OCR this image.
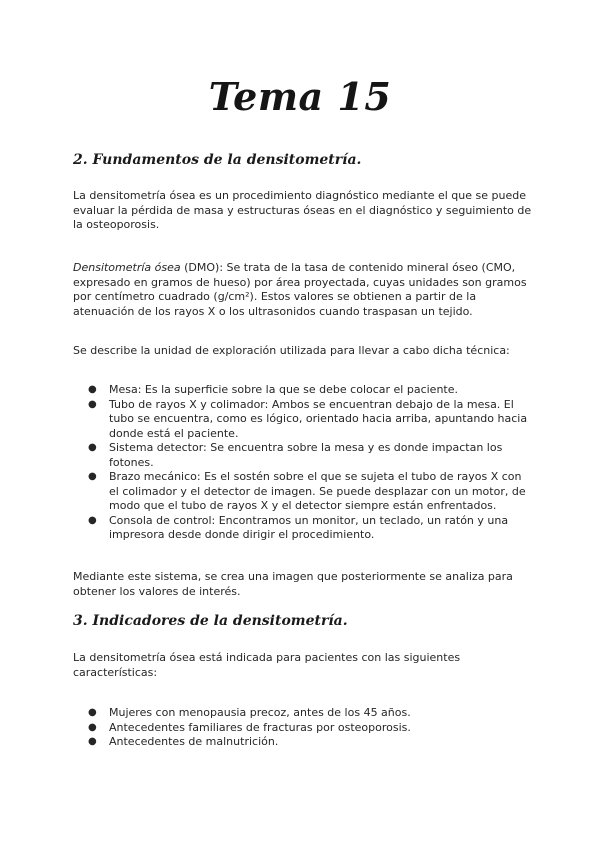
Tema 15
2. Fundamentos de la densitometría.

La densitometría ósea es un procedimiento diagnóstico mediante el que se puede evaluar la pérdida de masa y estructuras óseas en el diagnóstico y seguimiento de la osteoporosis.

Densitometría ósea (DMO): Se trata de la tasa de contenido mineral óseo (CMO, expresado en gramos de hueso) por área proyectada, cuyas unidades son gramos por centímetro cuadrado (g/cm²). Estos valores se obtienen a partir de la atenuación de los rayos X o los ultrasonidos cuando traspasan un tejido.

Se describe la unidad de exploración utilizada para llevar a cabo dicha técnica:

● Mesa: Es la superficie sobre la que se debe colocar el paciente.
● Tubo de rayos X y colimador: Ambos se encuentran debajo de la mesa. El tubo se encuentra, como es lógico, orientado hacia arriba, apuntando hacia donde está el paciente.
● Sistema detector: Se encuentra sobre la mesa y es donde impactan los fotones.
● Brazo mecánico: Es el sostén sobre el que se sujeta el tubo de rayos X con el colimador y el detector de imagen. Se puede desplazar con un motor, de modo que el tubo de rayos X y el detector siempre están enfrentados.
● Consola de control: Encontramos un monitor, un teclado, un ratón y una impresora desde donde dirigir el procedimiento.

Mediante este sistema, se crea una imagen que posteriormente se analiza para obtener los valores de interés.

3. Indicadores de la densitometría.

La densitometría ósea está indicada para pacientes con las siguientes características:

● Mujeres con menopausia precoz, antes de los 45 años.
● Antecedentes familiares de fracturas por osteoporosis.
● Antecedentes de malnutrición.
